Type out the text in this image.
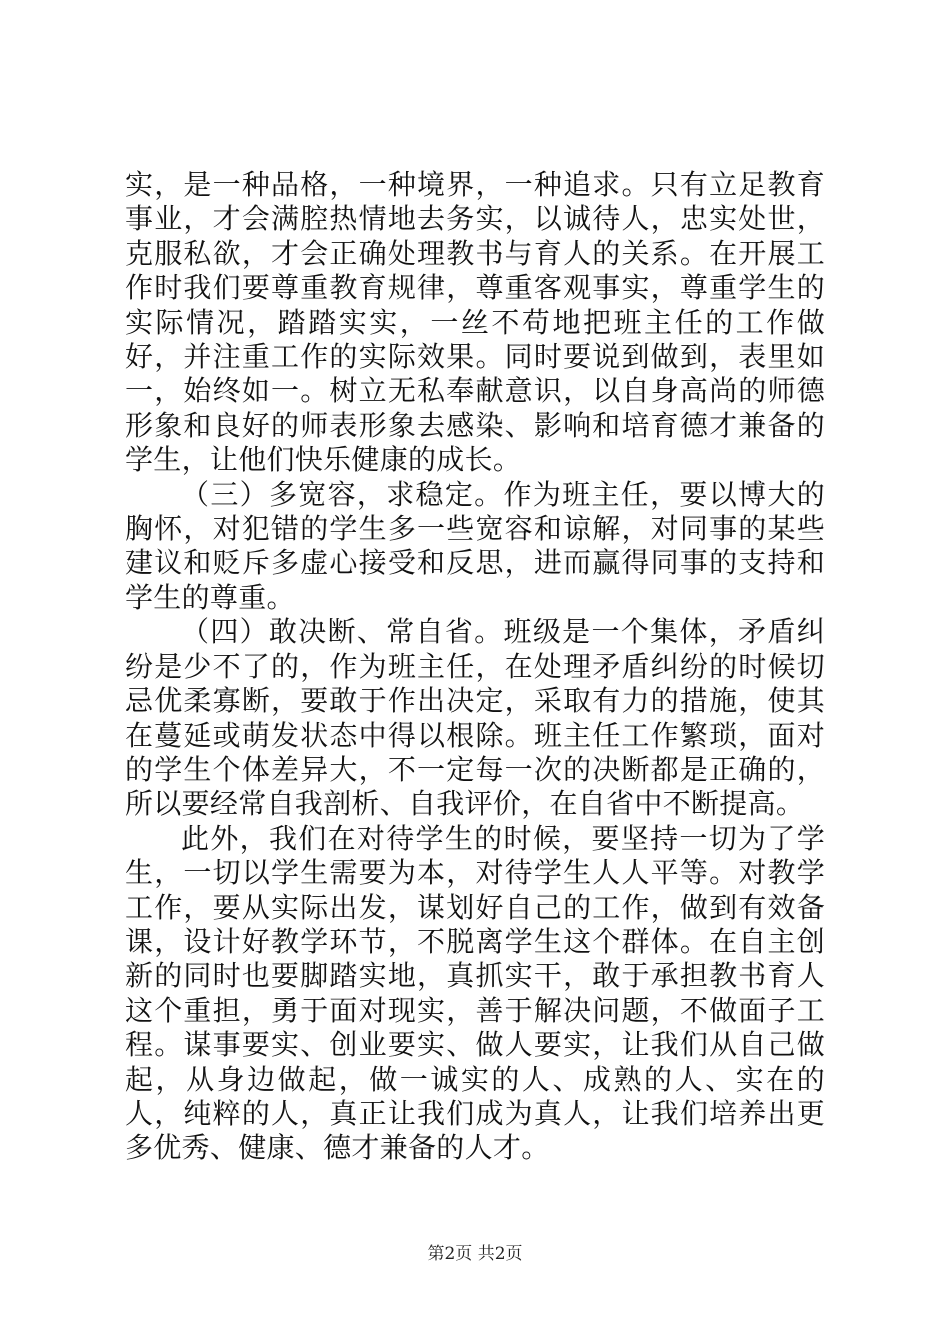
实，是一种品格，一种境界，一种追求。只有立足教育事业，才会满腔热情地去务实，以诚待人，忠实处世，克服私欲，才会正确处理教书与育人的关系。在开展工作时我们要尊重教育规律，尊重客观事实，尊重学生的实际情况，踏踏实实，一丝不苟地把班主任的工作做好，并注重工作的实际效果。同时要说到做到，表里如一，始终如一。树立无私奉献意识，以自身高尚的师德形象和良好的师表形象去感染、影响和培育德才兼备的学生，让他们快乐健康的成长。

（三）多宽容，求稳定。作为班主任，要以博大的胸怀，对犯错的学生多一些宽容和谅解，对同事的某些建议和贬斥多虚心接受和反思，进而赢得同事的支持和学生的尊重。

（四）敢决断、常自省。班级是一个集体，矛盾纠纷是少不了的，作为班主任，在处理矛盾纠纷的时候切忌优柔寡断，要敢于作出决定，采取有力的措施，使其在蔓延或萌发状态中得以根除。班主任工作繁琐，面对的学生个体差异大，不一定每一次的决断都是正确的，所以要经常自我剖析、自我评价，在自省中不断提高。

此外，我们在对待学生的时候，要坚持一切为了学生，一切以学生需要为本，对待学生人人平等。对教学工作，要从实际出发，谋划好自己的工作，做到有效备课，设计好教学环节，不脱离学生这个群体。在自主创新的同时也要脚踏实地，真抓实干，敢于承担教书育人这个重担，勇于面对现实，善于解决问题，不做面子工程。谋事要实、创业要实、做人要实，让我们从自己做起，从身边做起，做一诚实的人、成熟的人、实在的人，纯粹的人，真正让我们成为真人，让我们培养出更多优秀、健康、德才兼备的人才。

第2页 共2页
